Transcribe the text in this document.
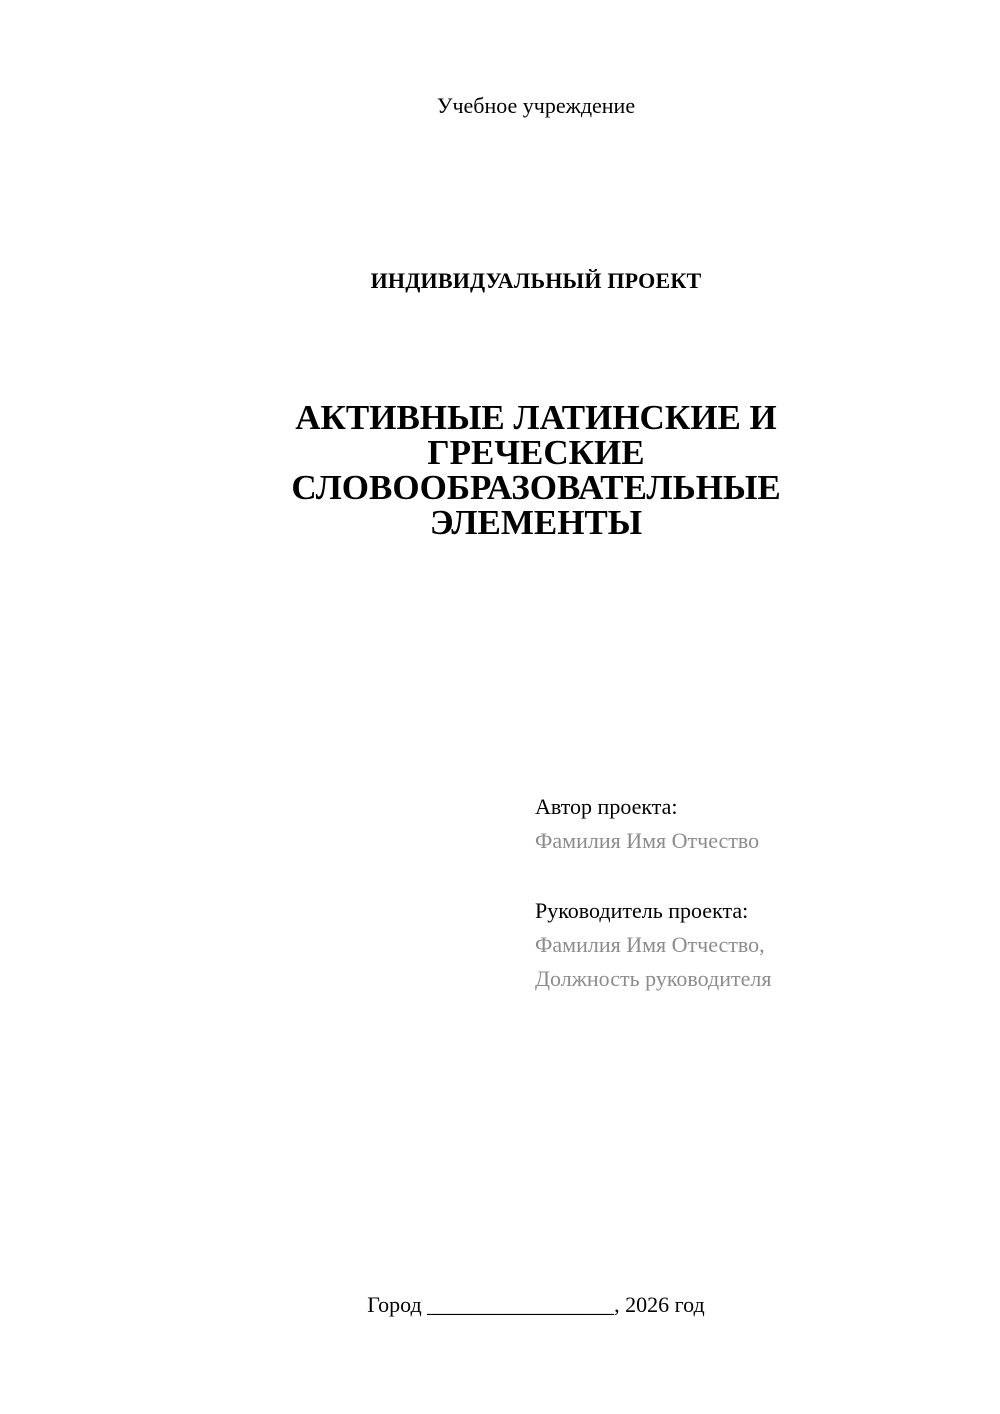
Учебное учреждение
ИНДИВИДУАЛЬНЫЙ ПРОЕКТ
АКТИВНЫЕ ЛАТИНСКИЕ И
ГРЕЧЕСКИЕ
СЛОВООБРАЗОВАТЕЛЬНЫЕ
ЭЛЕМЕНТЫ
Автор проекта:
Фамилия Имя Отчество
Руководитель проекта:
Фамилия Имя Отчество,
Должность руководителя
Город _________________, 2026 год
